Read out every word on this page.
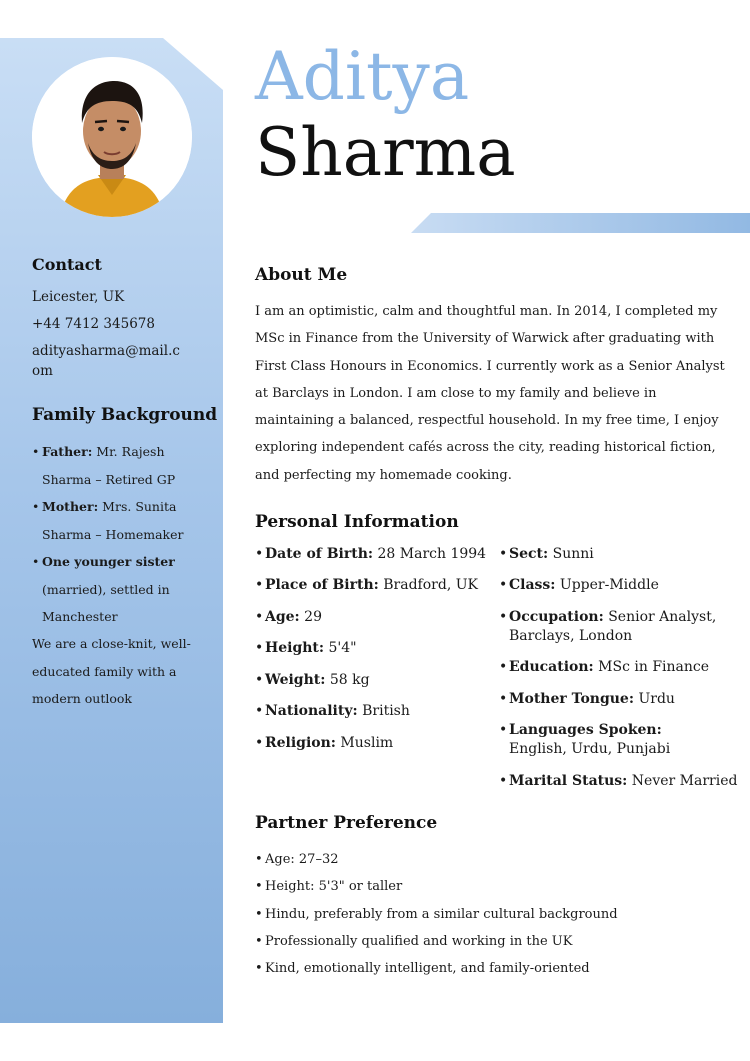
Contact

Leicester, UK

+44 7412 345678

adityasharma@mail.com

Family Background
• Father: Mr. Rajesh Sharma – Retired GP
• Mother: Mrs. Sunita Sharma – Homemaker
• One younger sister (married), settled in Manchester

We are a close-knit, well-educated family with a modern outlook

Aditya
Sharma
About Me

I am an optimistic, calm and thoughtful man. In 2014, I completed my MSc in Finance from the University of Warwick after graduating with First Class Honours in Economics. I currently work as a Senior Analyst at Barclays in London. I am close to my family and believe in maintaining a balanced, respectful household. In my free time, I enjoy exploring independent cafés across the city, reading historical fiction, and perfecting my homemade cooking.

Personal Information
• Date of Birth: 28 March 1994
• Place of Birth: Bradford, UK
• Age: 29
• Height: 5'4"
• Weight: 58 kg
• Nationality: British
• Religion: Muslim
• Sect: Sunni
• Class: Upper-Middle
• Occupation: Senior Analyst, Barclays, London
• Education: MSc in Finance
• Mother Tongue: Urdu
• Languages Spoken: English, Urdu, Punjabi
• Marital Status: Never Married
Partner Preference
• Age: 27–32
• Height: 5'3" or taller
• Hindu, preferably from a similar cultural background
• Professionally qualified and working in the UK
• Kind, emotionally intelligent, and family-oriented
